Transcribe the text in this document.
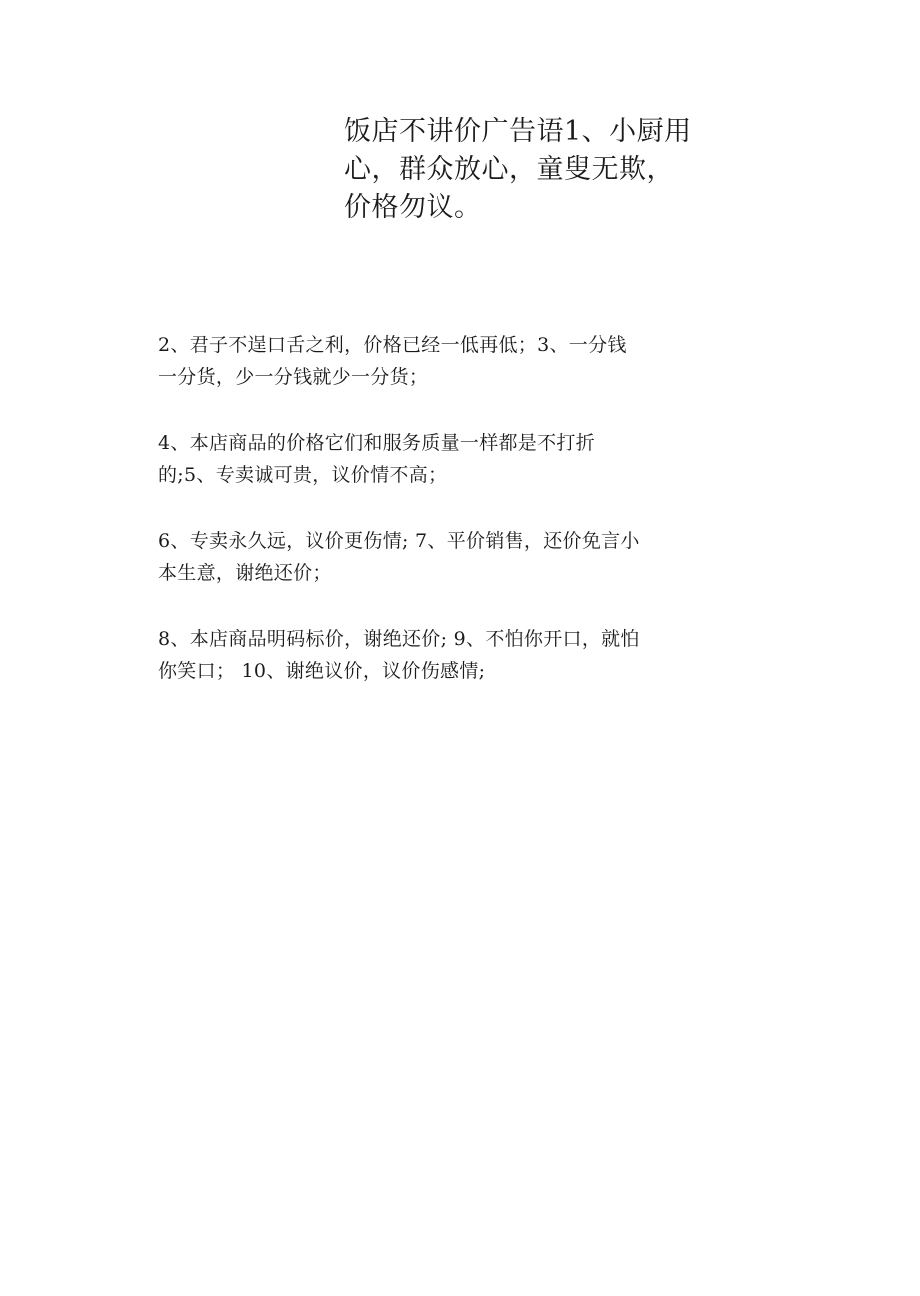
饭店不讲价广告语1、小厨用
心，群众放心，童叟无欺，
价格勿议。
2、君子不逞口舌之利，价格已经一低再低；3、一分钱
一分货，少一分钱就少一分货；
4、本店商品的价格它们和服务质量一样都是不打折
的;5、专卖诚可贵，议价情不高；
6、专卖永久远，议价更伤情; 7、平价销售，还价免言小
本生意，谢绝还价；
8、本店商品明码标价，谢绝还价; 9、不怕你开口，就怕
你笑口； 10、谢绝议价，议价伤感情;
